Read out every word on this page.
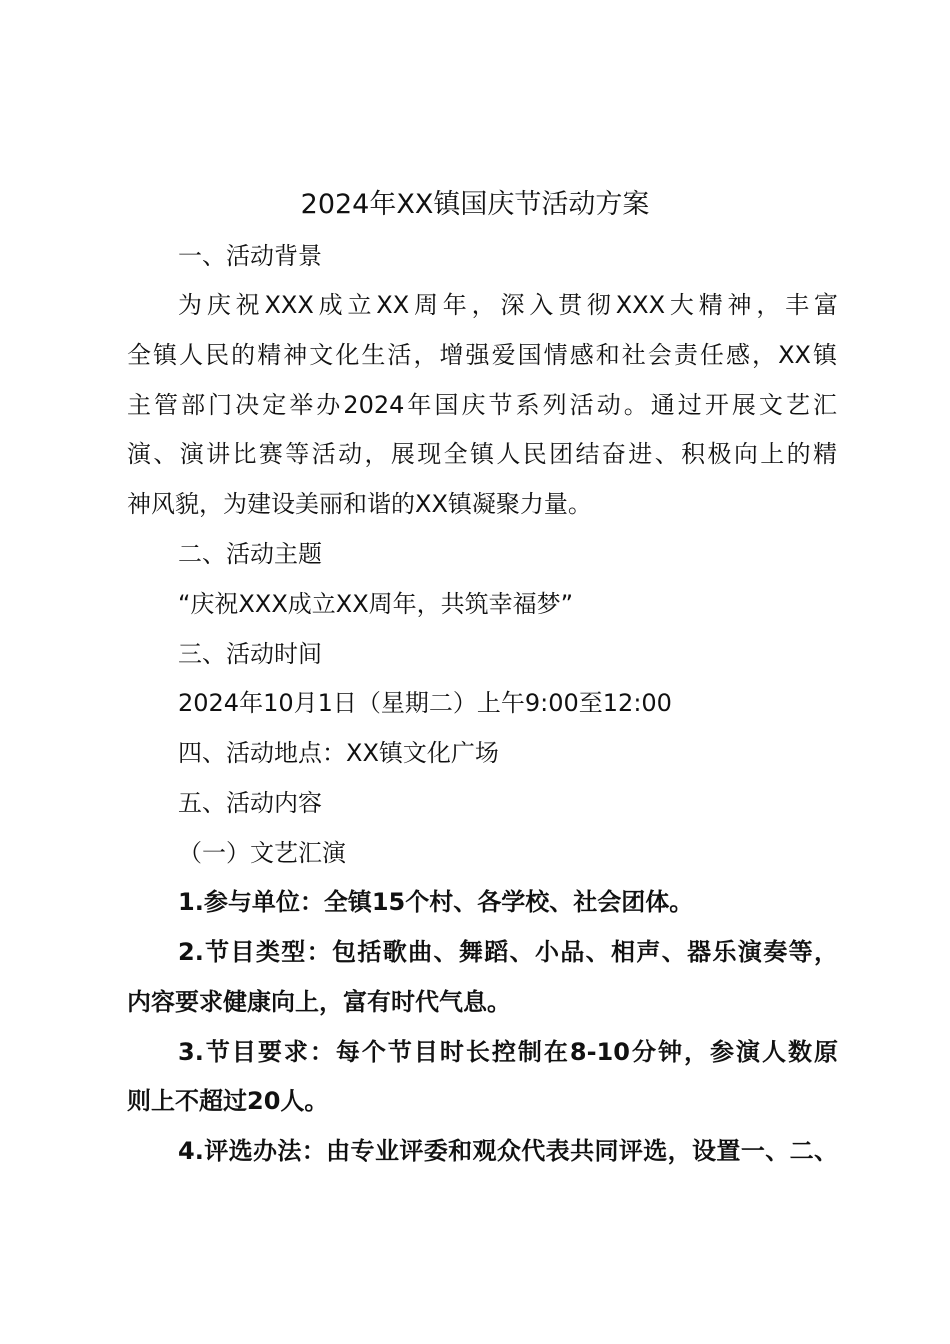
2024年XX镇国庆节活动方案
一、活动背景
为庆祝XXX成立XX周年，深入贯彻XXX大精神，丰富
全镇人民的精神文化生活，增强爱国情感和社会责任感，XX镇
主管部门决定举办2024年国庆节系列活动。通过开展文艺汇
演、演讲比赛等活动，展现全镇人民团结奋进、积极向上的精
神风貌，为建设美丽和谐的XX镇凝聚力量。
二、活动主题
“庆祝XXX成立XX周年，共筑幸福梦”
三、活动时间
2024年10月1日（星期二）上午9:00至12:00
四、活动地点：XX镇文化广场
五、活动内容
（一）文艺汇演
1.参与单位：全镇15个村、各学校、社会团体。
2.节目类型：包括歌曲、舞蹈、小品、相声、器乐演奏等，
内容要求健康向上，富有时代气息。
3.节目要求：每个节目时长控制在8-10分钟，参演人数原
则上不超过20人。
4.评选办法：由专业评委和观众代表共同评选，设置一、二、
